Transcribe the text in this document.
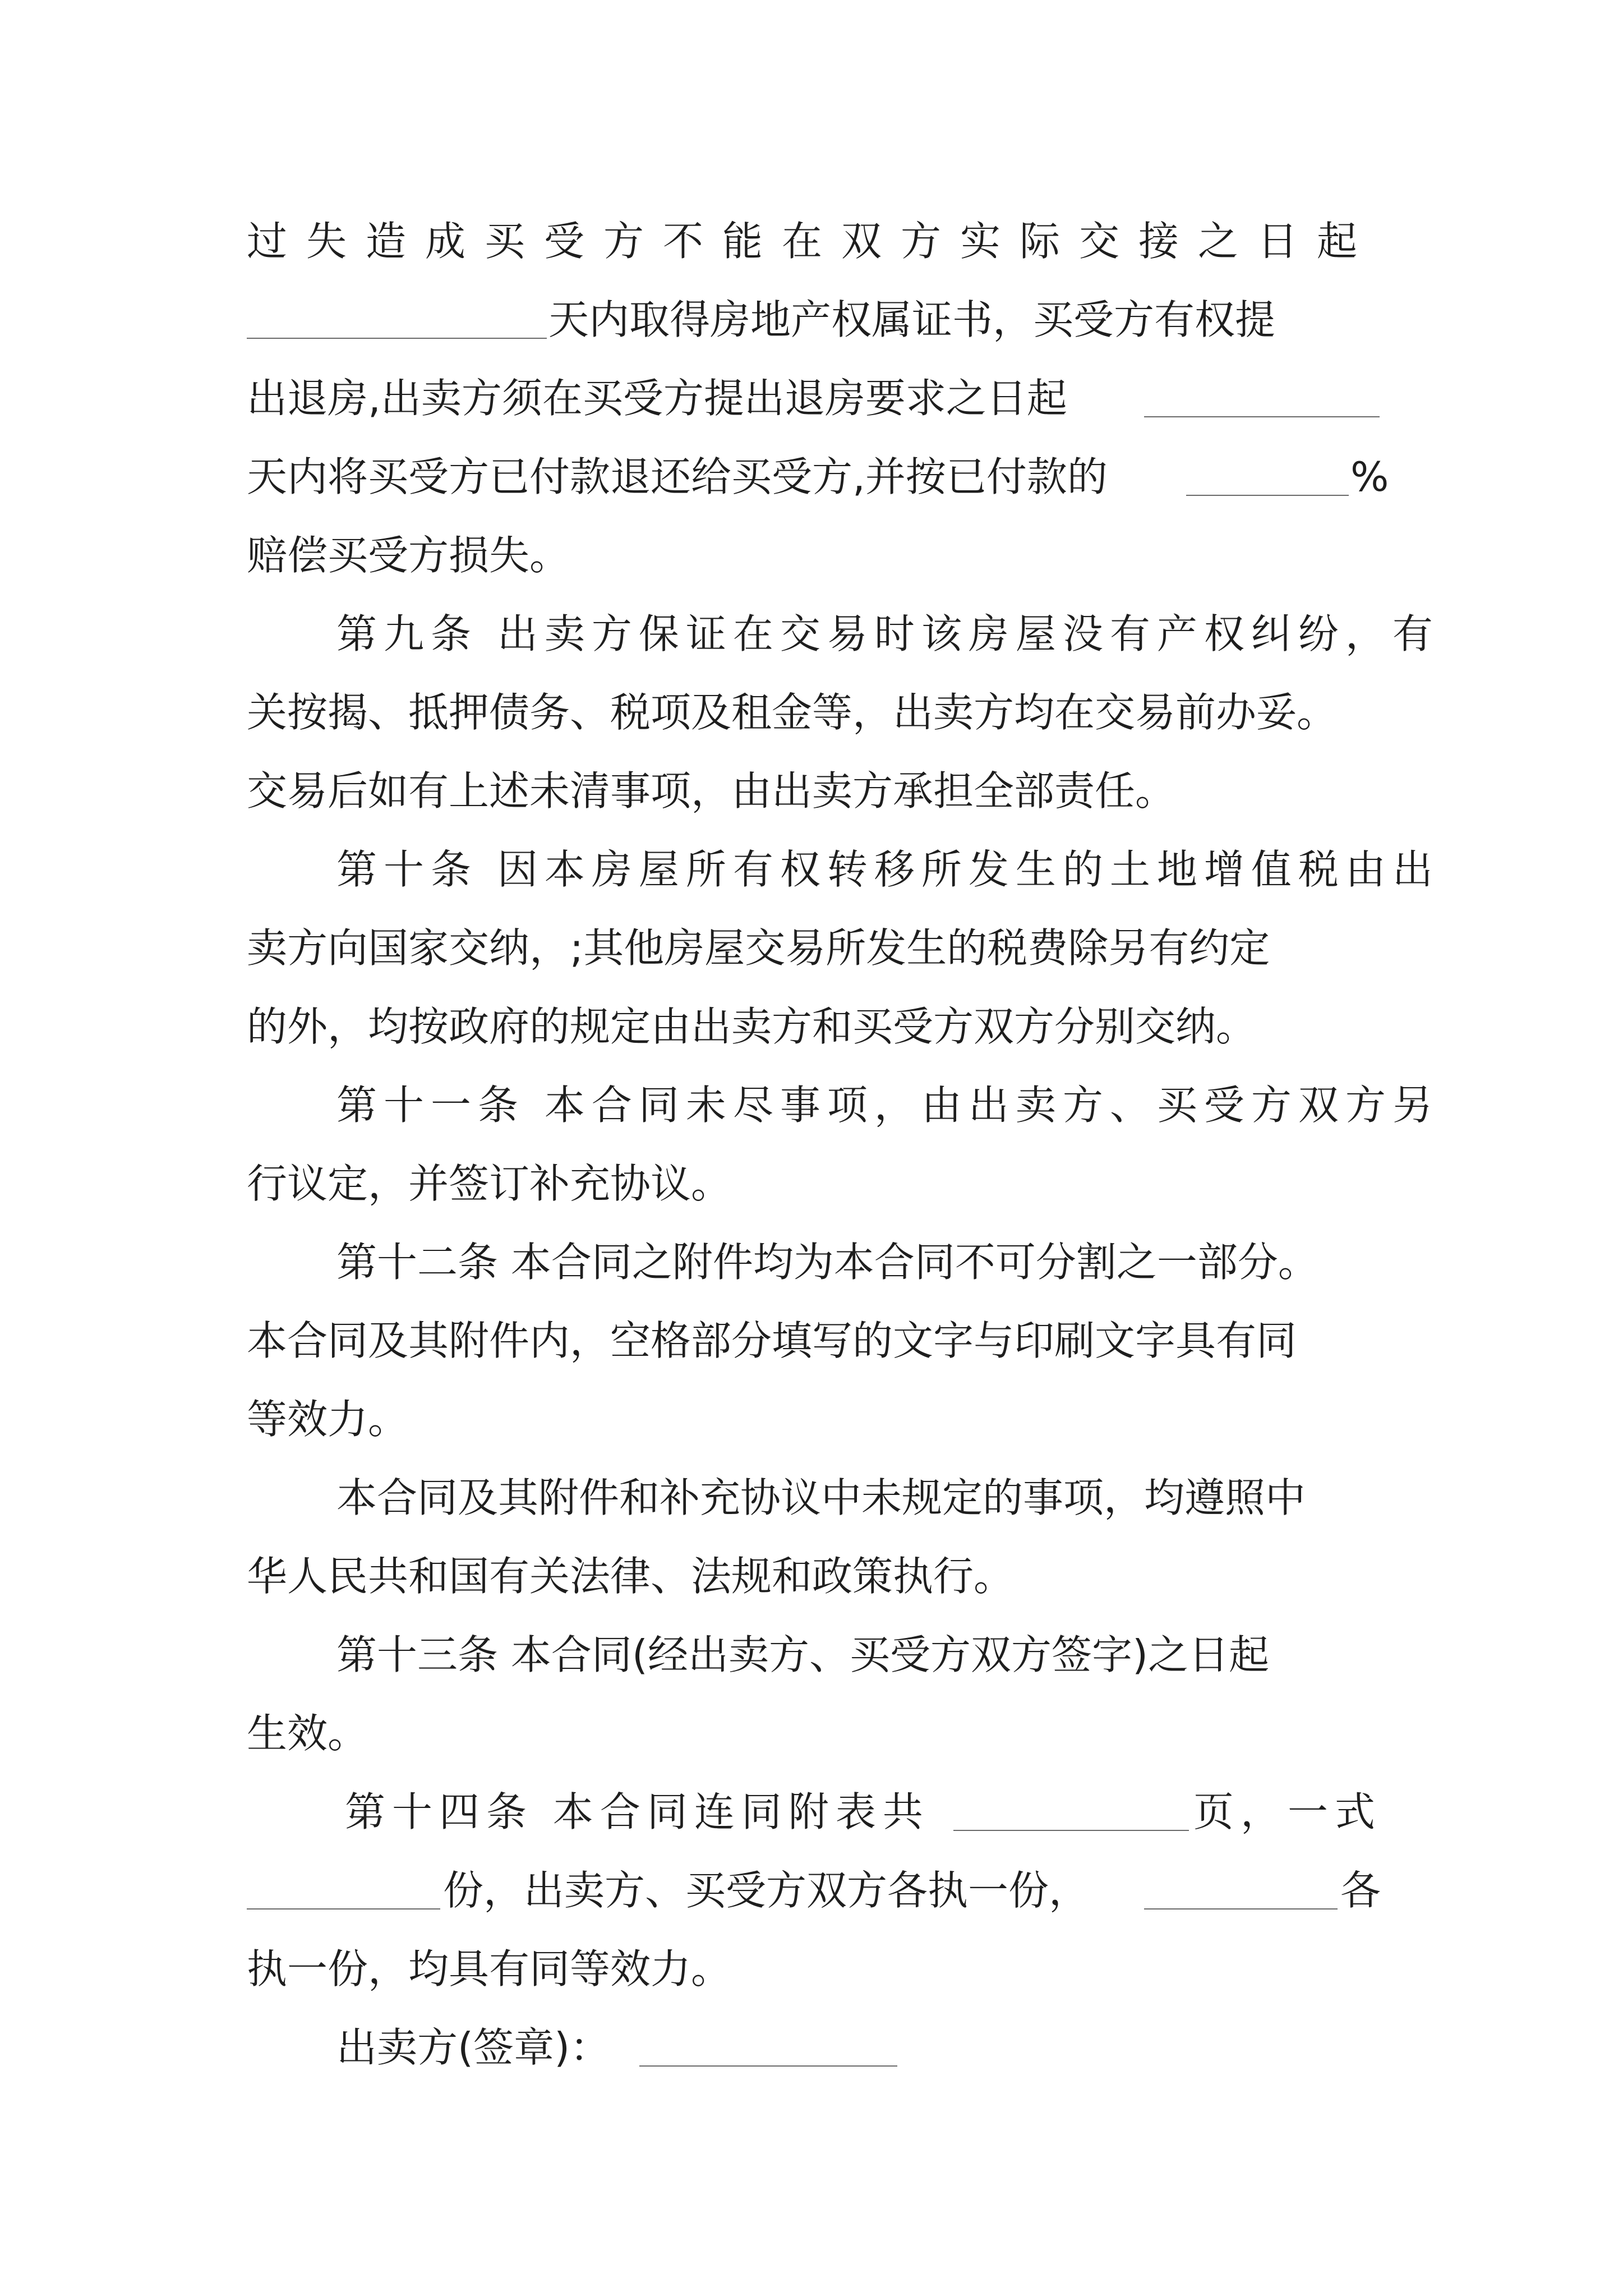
过失造成买受方不能在双方实际交接之日起
天内取得房地产权属证书，买受方有权提
出退房,出卖方须在买受方提出退房要求之日起
天内将买受方已付款退还给买受方,并按已付款的	%
赔偿买受方损失。
第九条 出卖方保证在交易时该房屋没有产权纠纷，有
关按揭、抵押债务、税项及租金等，出卖方均在交易前办妥。
交易后如有上述未清事项，由出卖方承担全部责任。
第十条 因本房屋所有权转移所发生的土地增值税由出
卖方向国家交纳，;其他房屋交易所发生的税费除另有约定
的外，均按政府的规定由出卖方和买受方双方分别交纳。
第十一条 本合同未尽事项，由出卖方、买受方双方另
行议定，并签订补充协议。
第十二条 本合同之附件均为本合同不可分割之一部分。
本合同及其附件内，空格部分填写的文字与印刷文字具有同
等效力。
本合同及其附件和补充协议中未规定的事项，均遵照中
华人民共和国有关法律、法规和政策执行。
第十三条 本合同(经出卖方、买受方双方签字)之日起
生效。
第十四条 本合同连同附表共	页，一式
份，出卖方、买受方双方各执一份，	各
执一份，均具有同等效力。
出卖方(签章)：
